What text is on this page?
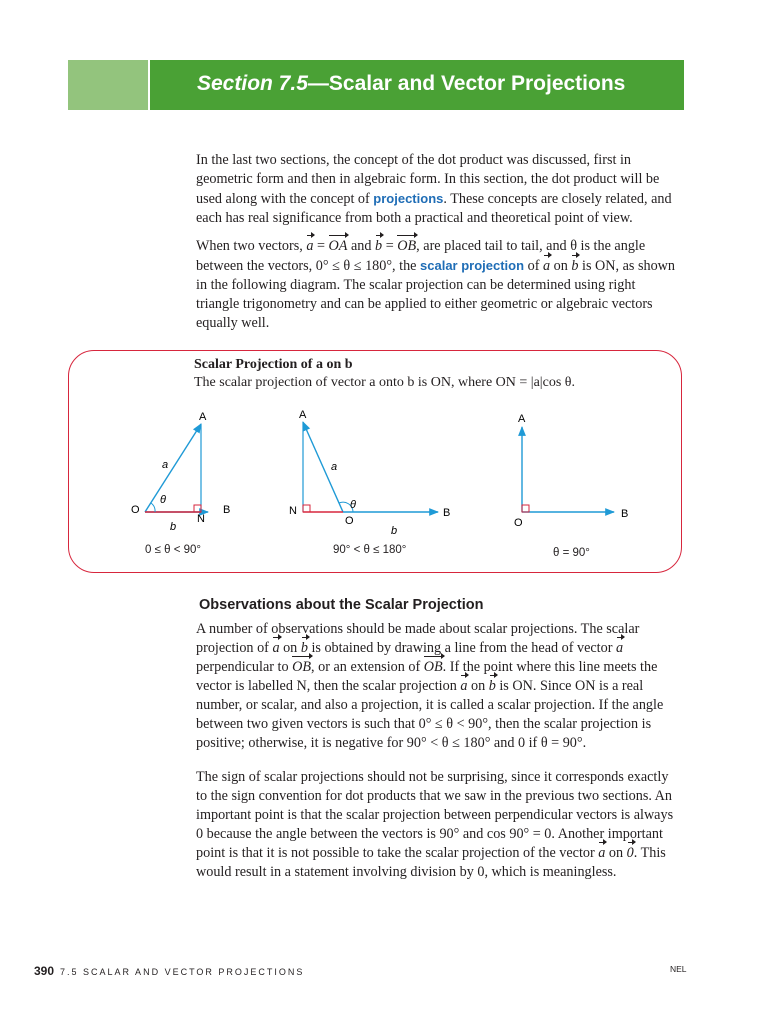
Section 7.5—Scalar and Vector Projections

In the last two sections, the concept of the dot product was discussed, first in geometric form and then in algebraic form. In this section, the dot product will be used along with the concept of projections. These concepts are closely related, and each has real significance from both a practical and theoretical point of view.

When two vectors, a = OA and b = OB, are placed tail to tail, and θ is the angle between the vectors, 0° ≤ θ ≤ 180°, the scalar projection of a on b is ON, as shown in the following diagram. The scalar projection can be determined using right triangle trigonometry and can be applied to either geometric or algebraic vectors equally well.

Scalar Projection of a on b

The scalar projection of vector a onto b is ON, where ON = |a|cos θ.

A
a
θ
O
N
B
b
A
a
θ
N
O
B
b
A
O
B
0 ≤ θ < 90°	90° < θ ≤ 180°	θ = 90°
Observations about the Scalar Projection

A number of observations should be made about scalar projections. The scalar projection of a on b is obtained by drawing a line from the head of vector a perpendicular to OB, or an extension of OB. If the point where this line meets the vector is labelled N, then the scalar projection a on b is ON. Since ON is a real number, or scalar, and also a projection, it is called a scalar projection. If the angle between two given vectors is such that 0° ≤ θ < 90°, then the scalar projection is positive; otherwise, it is negative for 90° < θ ≤ 180° and 0 if θ = 90°.

The sign of scalar projections should not be surprising, since it corresponds exactly to the sign convention for dot products that we saw in the previous two sections. An important point is that the scalar projection between perpendicular vectors is always 0 because the angle between the vectors is 90° and cos 90° = 0. Another important point is that it is not possible to take the scalar projection of the vector a on 0. This would result in a statement involving division by 0, which is meaningless.

390 7.5 SCALAR AND VECTOR PROJECTIONS	NEL
